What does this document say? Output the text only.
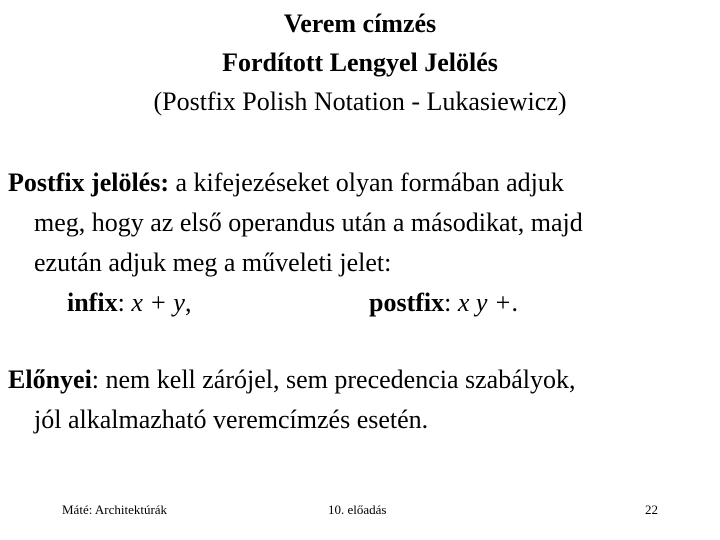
Verem címzés
Fordított Lengyel Jelölés
(Postfix Polish Notation - Lukasiewicz)
Postfix jelölés: a kifejezéseket olyan formában adjuk
meg, hogy az első operandus után a másodikat, majd
ezután adjuk meg a műveleti jelet:
infix: x + y,	postfix: x y +.
Előnyei: nem kell zárójel, sem precedencia szabályok,
jól alkalmazható veremcímzés esetén.
Máté: Architektúrák	10. előadás	22
